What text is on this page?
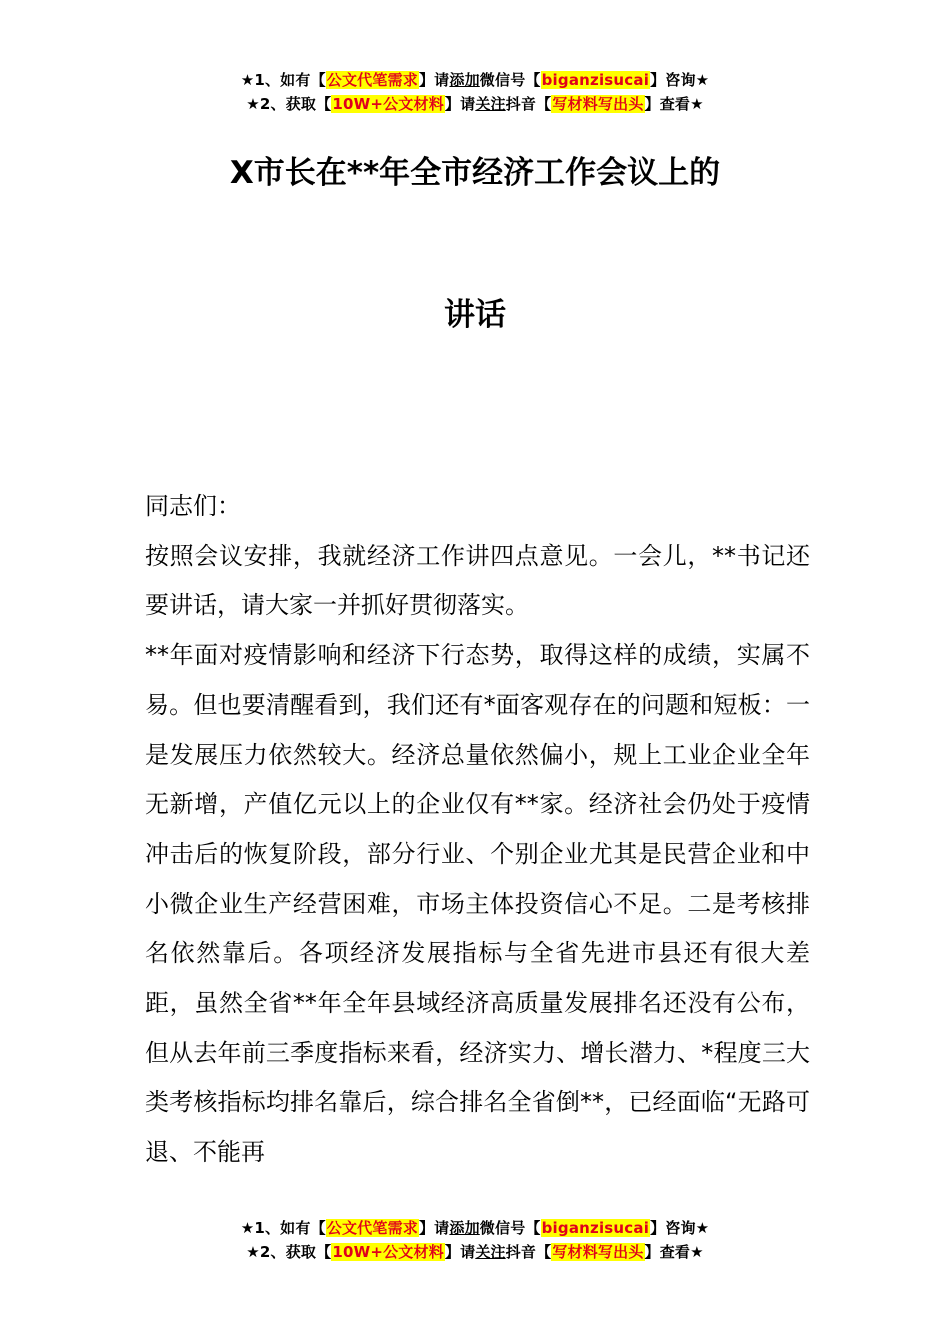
★1、如有【公文代笔需求】请添加微信号【biganzisucai】咨询★
★2、获取【10W+公文材料】请关注抖音【写材料写出头】查看★
X市长在**年全市经济工作会议上的
讲话

同志们：

按照会议安排，我就经济工作讲四点意见。一会儿，**书记还要讲话，请大家一并抓好贯彻落实。

**年面对疫情影响和经济下行态势，取得这样的成绩，实属不易。但也要清醒看到，我们还有*面客观存在的问题和短板：一是发展压力依然较大。经济总量依然偏小，规上工业企业全年无新增，产值亿元以上的企业仅有**家。经济社会仍处于疫情冲击后的恢复阶段，部分行业、个别企业尤其是民营企业和中小微企业生产经营困难，市场主体投资信心不足。二是考核排名依然靠后。各项经济发展指标与全省先进市县还有很大差距，虽然全省**年全年县域经济高质量发展排名还没有公布，但从去年前三季度指标来看，经济实力、增长潜力、*程度三大类考核指标均排名靠后，综合排名全省倒**，已经面临“无路可退、不能再

★1、如有【公文代笔需求】请添加微信号【biganzisucai】咨询★
★2、获取【10W+公文材料】请关注抖音【写材料写出头】查看★
